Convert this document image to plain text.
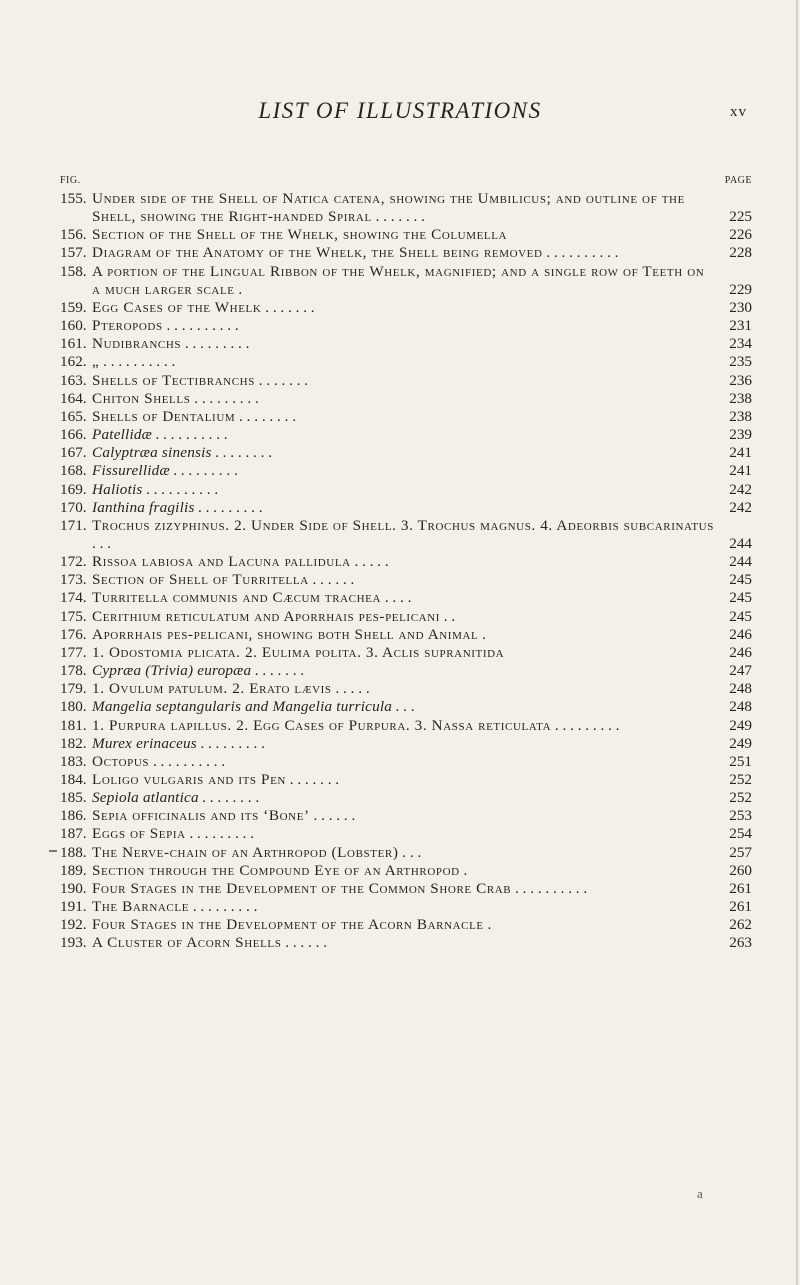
LIST OF ILLUSTRATIONS	xv
FIG.	PAGE
155. Under side of the Shell of Natica catena, showing the Umbilicus; and outline of the Shell, showing the Right-handed Spiral . . . . . . .	225
156. Section of the Shell of the Whelk, showing the Columella	226
157. Diagram of the Anatomy of the Whelk, the Shell being removed . . . . . . . . . .	228
158. A portion of the Lingual Ribbon of the Whelk, magnified; and a single row of Teeth on a much larger scale .	229
159. Egg Cases of the Whelk . . . . . . .	230
160. Pteropods . . . . . . . . . .	231
161. Nudibranchs . . . . . . . . .	234
162. „ . . . . . . . . . .	235
163. Shells of Tectibranchs . . . . . . .	236
164. Chiton Shells . . . . . . . . .	238
165. Shells of Dentalium . . . . . . . .	238
166. Patellidæ . . . . . . . . . .	239
167. Calyptræa sinensis . . . . . . . .	241
168. Fissurellidæ . . . . . . . . .	241
169. Haliotis . . . . . . . . . .	242
170. Ianthina fragilis . . . . . . . . .	242
171. Trochus zizyphinus. 2. Under Side of Shell. 3. Trochus magnus. 4. Adeorbis subcarinatus . . .	244
172. Rissoa labiosa and Lacuna pallidula . . . . .	244
173. Section of Shell of Turritella . . . . . .	245
174. Turritella communis and Cæcum trachea . . . .	245
175. Cerithium reticulatum and Aporrhais pes-pelicani . .	245
176. Aporrhais pes-pelicani, showing both Shell and Animal .	246
177. 1. Odostomia plicata. 2. Eulima polita. 3. Aclis supranitida	246
178. Cypræa (Trivia) europæa . . . . . . .	247
179. 1. Ovulum patulum. 2. Erato lævis . . . . .	248
180. Mangelia septangularis and Mangelia turricula . . .	248
181. 1. Purpura lapillus. 2. Egg Cases of Purpura. 3. Nassa reticulata . . . . . . . . .	249
182. Murex erinaceus . . . . . . . . .	249
183. Octopus . . . . . . . . . .	251
184. Loligo vulgaris and its Pen . . . . . . .	252
185. Sepiola atlantica . . . . . . . .	252
186. Sepia officinalis and its ‘Bone’ . . . . . .	253
187. Eggs of Sepia . . . . . . . . .	254
188. The Nerve-chain of an Arthropod (Lobster) . . .	257
189. Section through the Compound Eye of an Arthropod .	260
190. Four Stages in the Development of the Common Shore Crab . . . . . . . . . .	261
191. The Barnacle . . . . . . . . .	261
192. Four Stages in the Development of the Acorn Barnacle .	262
193. A Cluster of Acorn Shells . . . . . .	263
a
